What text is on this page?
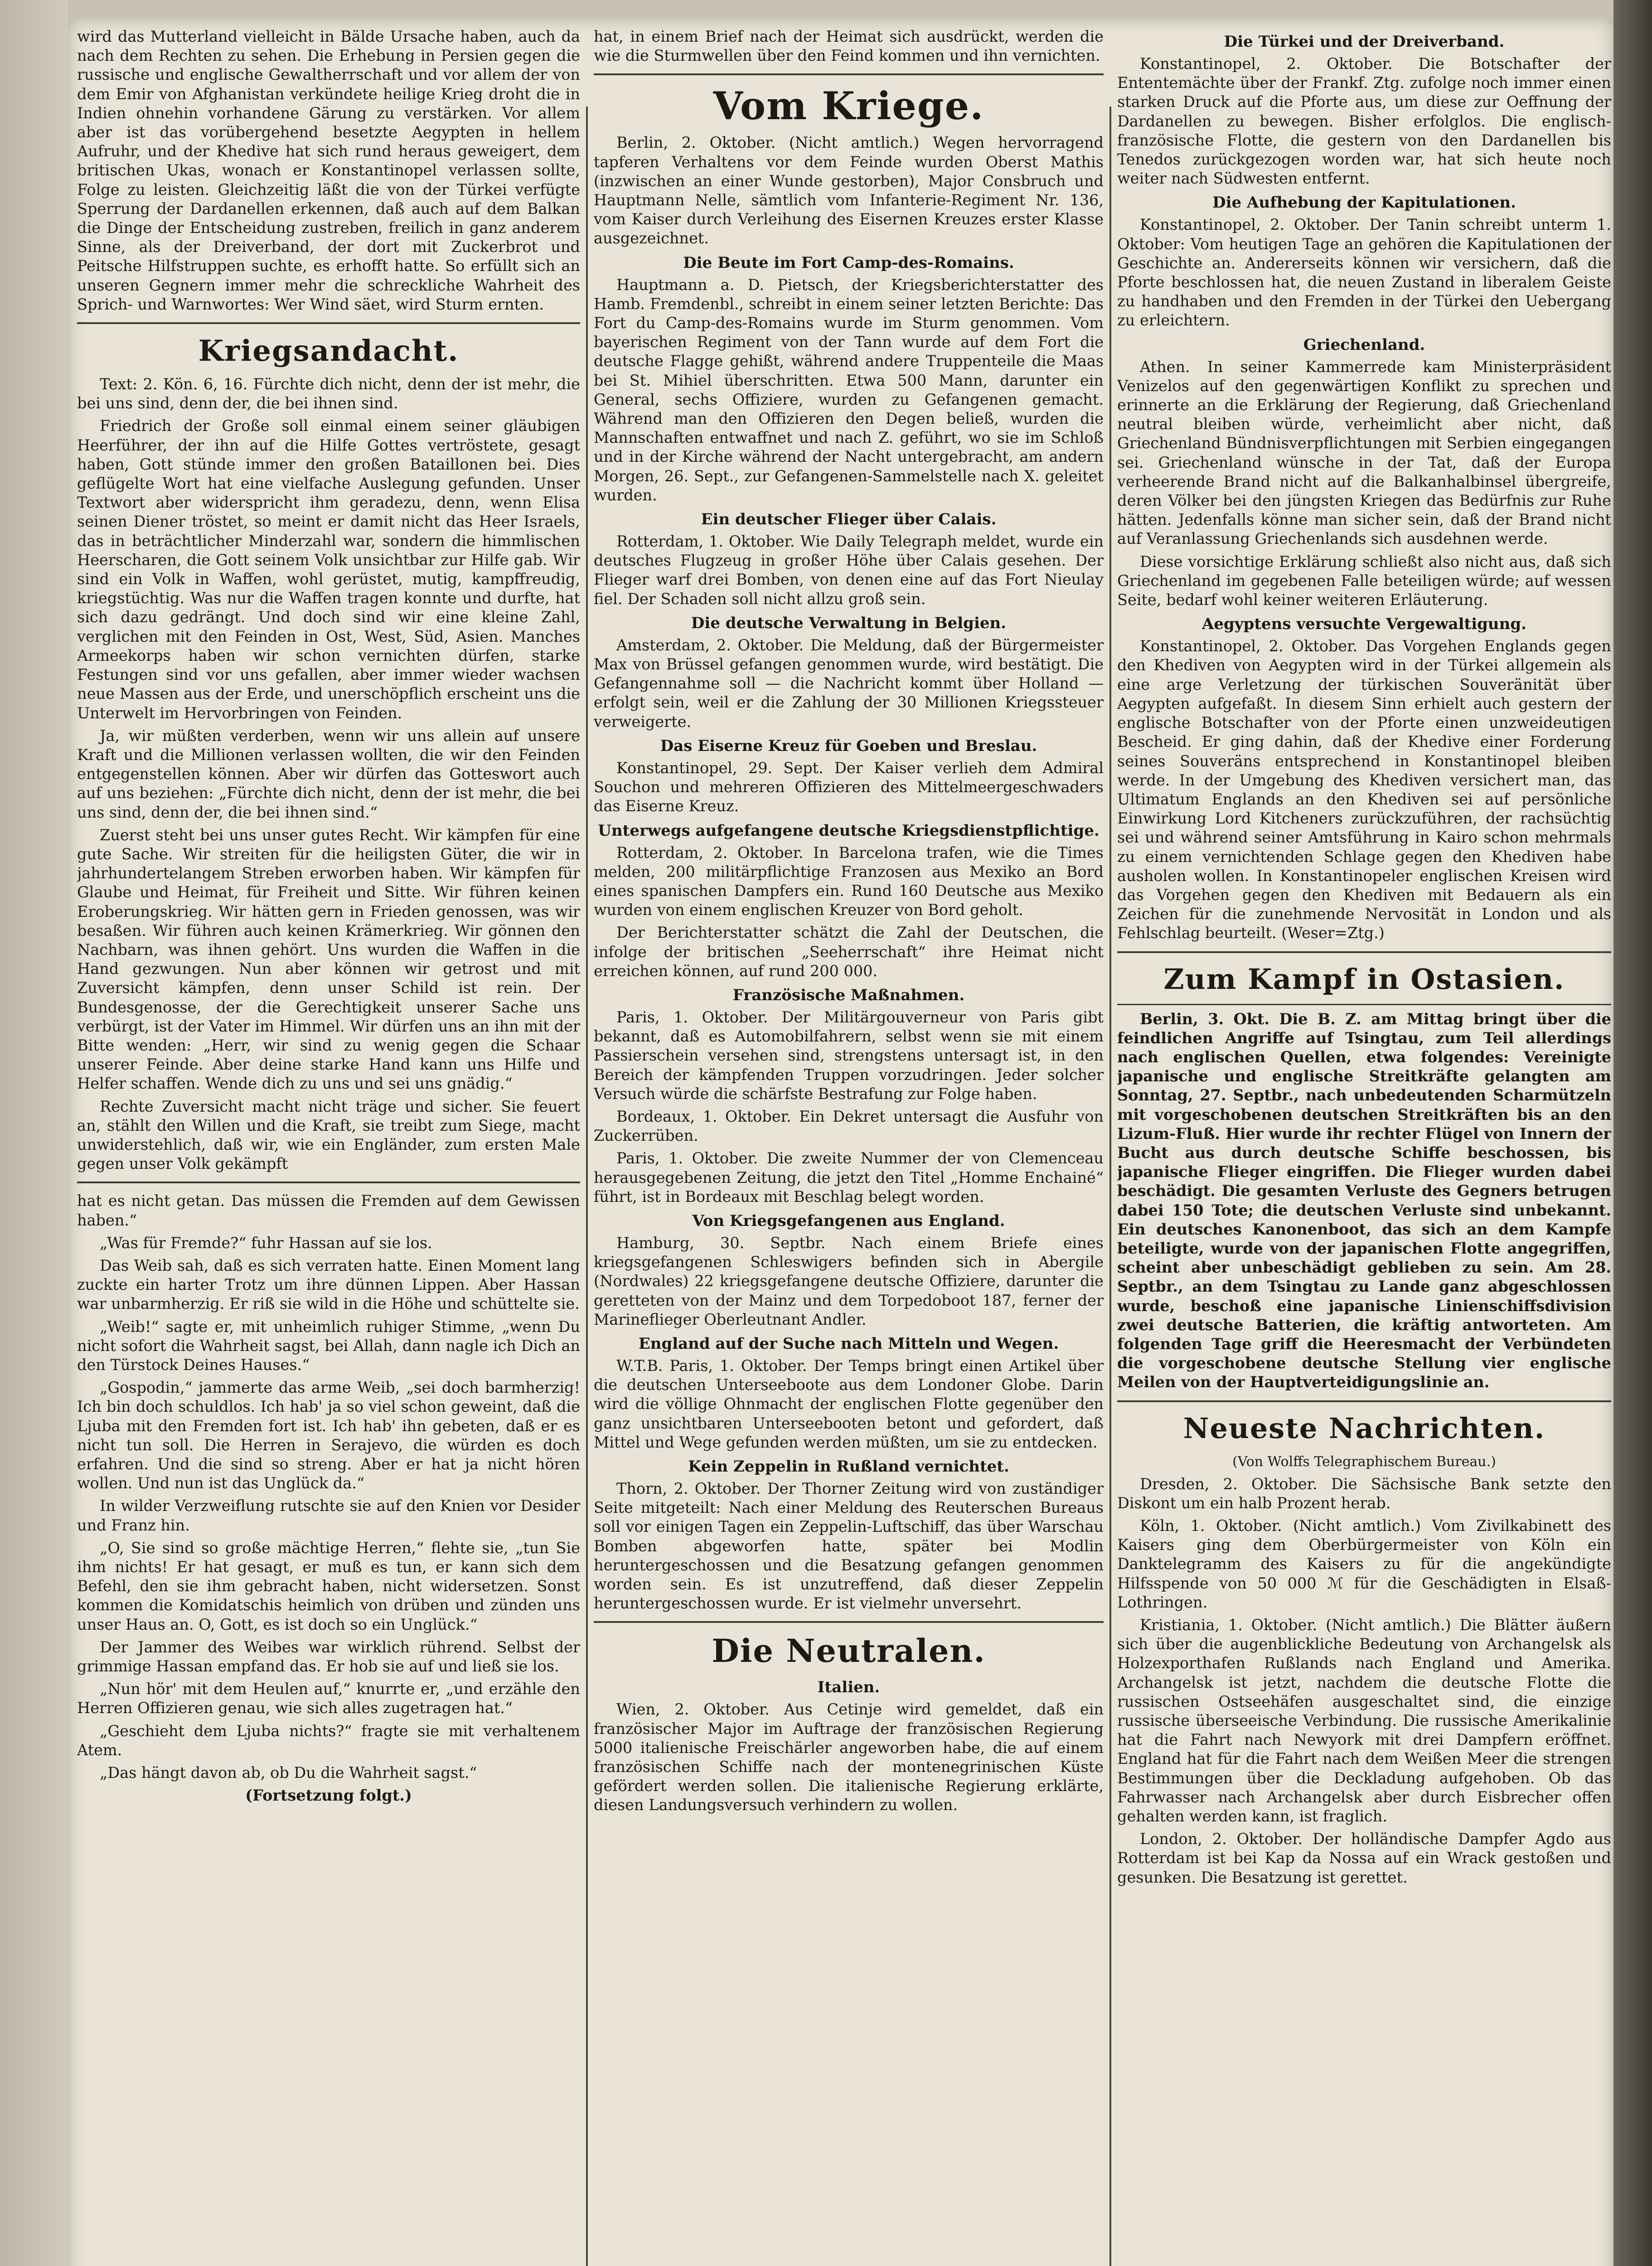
wird das Mutterland vielleicht in Bälde Ursache haben, auch da nach dem Rechten zu sehen. Die Erhebung in Persien gegen die russische und englische Gewaltherrschaft und vor allem der von dem Emir von Afghanistan verkündete heilige Krieg droht die in Indien ohnehin vorhandene Gärung zu verstärken. Vor allem aber ist das vorübergehend besetzte Aegypten in hellem Aufruhr, und der Khedive hat sich rund heraus geweigert, dem britischen Ukas, wonach er Konstantinopel verlassen sollte, Folge zu leisten. Gleichzeitig läßt die von der Türkei verfügte Sperrung der Dardanellen erkennen, daß auch auf dem Balkan die Dinge der Entscheidung zustreben, freilich in ganz anderem Sinne, als der Dreiverband, der dort mit Zuckerbrot und Peitsche Hilfstruppen suchte, es erhofft hatte. So erfüllt sich an unseren Gegnern immer mehr die schreckliche Wahrheit des Sprich- und Warnwortes: Wer Wind säet, wird Sturm ernten.

Kriegsandacht.

Text: 2. Kön. 6, 16. Fürchte dich nicht, denn der ist mehr, die bei uns sind, denn der, die bei ihnen sind.

Friedrich der Große soll einmal einem seiner gläubigen Heerführer, der ihn auf die Hilfe Gottes vertröstete, gesagt haben, Gott stünde immer den großen Bataillonen bei. Dies geflügelte Wort hat eine vielfache Auslegung gefunden. Unser Textwort aber widerspricht ihm geradezu, denn, wenn Elisa seinen Diener tröstet, so meint er damit nicht das Heer Israels, das in beträchtlicher Minderzahl war, sondern die himmlischen Heerscharen, die Gott seinem Volk unsichtbar zur Hilfe gab. Wir sind ein Volk in Waffen, wohl gerüstet, mutig, kampffreudig, kriegstüchtig. Was nur die Waffen tragen konnte und durfte, hat sich dazu gedrängt. Und doch sind wir eine kleine Zahl, verglichen mit den Feinden in Ost, West, Süd, Asien. Manches Armeekorps haben wir schon vernichten dürfen, starke Festungen sind vor uns gefallen, aber immer wieder wachsen neue Massen aus der Erde, und unerschöpflich erscheint uns die Unterwelt im Hervorbringen von Feinden.

Ja, wir müßten verderben, wenn wir uns allein auf unsere Kraft und die Millionen verlassen wollten, die wir den Feinden entgegenstellen können. Aber wir dürfen das Gotteswort auch auf uns beziehen: „Fürchte dich nicht, denn der ist mehr, die bei uns sind, denn der, die bei ihnen sind.“

Zuerst steht bei uns unser gutes Recht. Wir kämpfen für eine gute Sache. Wir streiten für die heiligsten Güter, die wir in jahrhundertelangem Streben erworben haben. Wir kämpfen für Glaube und Heimat, für Freiheit und Sitte. Wir führen keinen Eroberungskrieg. Wir hätten gern in Frieden genossen, was wir besaßen. Wir führen auch keinen Krämerkrieg. Wir gönnen den Nachbarn, was ihnen gehört. Uns wurden die Waffen in die Hand gezwungen. Nun aber können wir getrost und mit Zuversicht kämpfen, denn unser Schild ist rein. Der Bundesgenosse, der die Gerechtigkeit unserer Sache uns verbürgt, ist der Vater im Himmel. Wir dürfen uns an ihn mit der Bitte wenden: „Herr, wir sind zu wenig gegen die Schaar unserer Feinde. Aber deine starke Hand kann uns Hilfe und Helfer schaffen. Wende dich zu uns und sei uns gnädig.“

Rechte Zuversicht macht nicht träge und sicher. Sie feuert an, stählt den Willen und die Kraft, sie treibt zum Siege, macht unwiderstehlich, daß wir, wie ein Engländer, zum ersten Male gegen unser Volk gekämpft

hat es nicht getan. Das müssen die Fremden auf dem Gewissen haben.“

„Was für Fremde?“ fuhr Hassan auf sie los.

Das Weib sah, daß es sich verraten hatte. Einen Moment lang zuckte ein harter Trotz um ihre dünnen Lippen. Aber Hassan war unbarmherzig. Er riß sie wild in die Höhe und schüttelte sie.

„Weib!“ sagte er, mit unheimlich ruhiger Stimme, „wenn Du nicht sofort die Wahrheit sagst, bei Allah, dann nagle ich Dich an den Türstock Deines Hauses.“

„Gospodin,“ jammerte das arme Weib, „sei doch barmherzig! Ich bin doch schuldlos. Ich hab' ja so viel schon geweint, daß die Ljuba mit den Fremden fort ist. Ich hab' ihn gebeten, daß er es nicht tun soll. Die Herren in Serajevo, die würden es doch erfahren. Und die sind so streng. Aber er hat ja nicht hören wollen. Und nun ist das Unglück da.“

In wilder Verzweiflung rutschte sie auf den Knien vor Desider und Franz hin.

„O, Sie sind so große mächtige Herren,“ flehte sie, „tun Sie ihm nichts! Er hat gesagt, er muß es tun, er kann sich dem Befehl, den sie ihm gebracht haben, nicht widersetzen. Sonst kommen die Komidatschis heimlich von drüben und zünden uns unser Haus an. O, Gott, es ist doch so ein Unglück.“

Der Jammer des Weibes war wirklich rührend. Selbst der grimmige Hassan empfand das. Er hob sie auf und ließ sie los.

„Nun hör' mit dem Heulen auf,“ knurrte er, „und erzähle den Herren Offizieren genau, wie sich alles zugetragen hat.“

„Geschieht dem Ljuba nichts?“ fragte sie mit verhaltenem Atem.

„Das hängt davon ab, ob Du die Wahrheit sagst.“

(Fortsetzung folgt.)

hat, in einem Brief nach der Heimat sich ausdrückt, werden die wie die Sturmwellen über den Feind kommen und ihn vernichten.

Vom Kriege.

Berlin, 2. Oktober. (Nicht amtlich.) Wegen hervorragend tapferen Verhaltens vor dem Feinde wurden Oberst Mathis (inzwischen an einer Wunde gestorben), Major Consbruch und Hauptmann Nelle, sämtlich vom Infanterie-Regiment Nr. 136, vom Kaiser durch Verleihung des Eisernen Kreuzes erster Klasse ausgezeichnet.

Die Beute im Fort Camp-des-Romains.

Hauptmann a. D. Pietsch, der Kriegsberichterstatter des Hamb. Fremdenbl., schreibt in einem seiner letzten Berichte: Das Fort du Camp-des-Romains wurde im Sturm genommen. Vom bayerischen Regiment von der Tann wurde auf dem Fort die deutsche Flagge gehißt, während andere Truppenteile die Maas bei St. Mihiel überschritten. Etwa 500 Mann, darunter ein General, sechs Offiziere, wurden zu Gefangenen gemacht. Während man den Offizieren den Degen beließ, wurden die Mannschaften entwaffnet und nach Z. geführt, wo sie im Schloß und in der Kirche während der Nacht untergebracht, am andern Morgen, 26. Sept., zur Gefangenen-Sammelstelle nach X. geleitet wurden.

Ein deutscher Flieger über Calais.

Rotterdam, 1. Oktober. Wie Daily Telegraph meldet, wurde ein deutsches Flugzeug in großer Höhe über Calais gesehen. Der Flieger warf drei Bomben, von denen eine auf das Fort Nieulay fiel. Der Schaden soll nicht allzu groß sein.

Die deutsche Verwaltung in Belgien.

Amsterdam, 2. Oktober. Die Meldung, daß der Bürgermeister Max von Brüssel gefangen genommen wurde, wird bestätigt. Die Gefangennahme soll — die Nachricht kommt über Holland — erfolgt sein, weil er die Zahlung der 30 Millionen Kriegssteuer verweigerte.

Das Eiserne Kreuz für Goeben und Breslau.

Konstantinopel, 29. Sept. Der Kaiser verlieh dem Admiral Souchon und mehreren Offizieren des Mittelmeergeschwaders das Eiserne Kreuz.

Unterwegs aufgefangene deutsche Kriegsdienstpflichtige.

Rotterdam, 2. Oktober. In Barcelona trafen, wie die Times melden, 200 militärpflichtige Franzosen aus Mexiko an Bord eines spanischen Dampfers ein. Rund 160 Deutsche aus Mexiko wurden von einem englischen Kreuzer von Bord geholt.

Der Berichterstatter schätzt die Zahl der Deutschen, die infolge der britischen „Seeherrschaft“ ihre Heimat nicht erreichen können, auf rund 200 000.

Französische Maßnahmen.

Paris, 1. Oktober. Der Militärgouverneur von Paris gibt bekannt, daß es Automobilfahrern, selbst wenn sie mit einem Passierschein versehen sind, strengstens untersagt ist, in den Bereich der kämpfenden Truppen vorzudringen. Jeder solcher Versuch würde die schärfste Bestrafung zur Folge haben.

Bordeaux, 1. Oktober. Ein Dekret untersagt die Ausfuhr von Zuckerrüben.

Paris, 1. Oktober. Die zweite Nummer der von Clemenceau herausgegebenen Zeitung, die jetzt den Titel „Homme Enchainé“ führt, ist in Bordeaux mit Beschlag belegt worden.

Von Kriegsgefangenen aus England.

Hamburg, 30. Septbr. Nach einem Briefe eines kriegsgefangenen Schleswigers befinden sich in Abergile (Nordwales) 22 kriegsgefangene deutsche Offiziere, darunter die geretteten von der Mainz und dem Torpedoboot 187, ferner der Marineflieger Oberleutnant Andler.

England auf der Suche nach Mitteln und Wegen.

W.T.B. Paris, 1. Oktober. Der Temps bringt einen Artikel über die deutschen Unterseeboote aus dem Londoner Globe. Darin wird die völlige Ohnmacht der englischen Flotte gegenüber den ganz unsichtbaren Unterseebooten betont und gefordert, daß Mittel und Wege gefunden werden müßten, um sie zu entdecken.

Kein Zeppelin in Rußland vernichtet.

Thorn, 2. Oktober. Der Thorner Zeitung wird von zuständiger Seite mitgeteilt: Nach einer Meldung des Reuterschen Bureaus soll vor einigen Tagen ein Zeppelin-Luftschiff, das über Warschau Bomben abgeworfen hatte, später bei Modlin heruntergeschossen und die Besatzung gefangen genommen worden sein. Es ist unzutreffend, daß dieser Zeppelin heruntergeschossen wurde. Er ist vielmehr unversehrt.

Die Neutralen.
Italien.

Wien, 2. Oktober. Aus Cetinje wird gemeldet, daß ein französischer Major im Auftrage der französischen Regierung 5000 italienische Freischärler angeworben habe, die auf einem französischen Schiffe nach der montenegrinischen Küste gefördert werden sollen. Die italienische Regierung erklärte, diesen Landungsversuch verhindern zu wollen.

Die Türkei und der Dreiverband.

Konstantinopel, 2. Oktober. Die Botschafter der Ententemächte über der Frankf. Ztg. zufolge noch immer einen starken Druck auf die Pforte aus, um diese zur Oeffnung der Dardanellen zu bewegen. Bisher erfolglos. Die englisch-französische Flotte, die gestern von den Dardanellen bis Tenedos zurückgezogen worden war, hat sich heute noch weiter nach Südwesten entfernt.

Die Aufhebung der Kapitulationen.

Konstantinopel, 2. Oktober. Der Tanin schreibt unterm 1. Oktober: Vom heutigen Tage an gehören die Kapitulationen der Geschichte an. Andererseits können wir versichern, daß die Pforte beschlossen hat, die neuen Zustand in liberalem Geiste zu handhaben und den Fremden in der Türkei den Uebergang zu erleichtern.

Griechenland.

Athen. In seiner Kammerrede kam Ministerpräsident Venizelos auf den gegenwärtigen Konflikt zu sprechen und erinnerte an die Erklärung der Regierung, daß Griechenland neutral bleiben würde, verheimlicht aber nicht, daß Griechenland Bündnisverpflichtungen mit Serbien eingegangen sei. Griechenland wünsche in der Tat, daß der Europa verheerende Brand nicht auf die Balkanhalbinsel übergreife, deren Völker bei den jüngsten Kriegen das Bedürfnis zur Ruhe hätten. Jedenfalls könne man sicher sein, daß der Brand nicht auf Veranlassung Griechenlands sich ausdehnen werde.

Diese vorsichtige Erklärung schließt also nicht aus, daß sich Griechenland im gegebenen Falle beteiligen würde; auf wessen Seite, bedarf wohl keiner weiteren Erläuterung.

Aegyptens versuchte Vergewaltigung.

Konstantinopel, 2. Oktober. Das Vorgehen Englands gegen den Khediven von Aegypten wird in der Türkei allgemein als eine arge Verletzung der türkischen Souveränität über Aegypten aufgefaßt. In diesem Sinn erhielt auch gestern der englische Botschafter von der Pforte einen unzweideutigen Bescheid. Er ging dahin, daß der Khedive einer Forderung seines Souveräns entsprechend in Konstantinopel bleiben werde. In der Umgebung des Khediven versichert man, das Ultimatum Englands an den Khediven sei auf persönliche Einwirkung Lord Kitcheners zurückzuführen, der rachsüchtig sei und während seiner Amtsführung in Kairo schon mehrmals zu einem vernichtenden Schlage gegen den Khediven habe ausholen wollen. In Konstantinopeler englischen Kreisen wird das Vorgehen gegen den Khediven mit Bedauern als ein Zeichen für die zunehmende Nervosität in London und als Fehlschlag beurteilt. (Weser=Ztg.)

Zum Kampf in Ostasien.

Berlin, 3. Okt. Die B. Z. am Mittag bringt über die feindlichen Angriffe auf Tsingtau, zum Teil allerdings nach englischen Quellen, etwa folgendes: Vereinigte japanische und englische Streitkräfte gelangten am Sonntag, 27. Septbr., nach unbedeutenden Scharmützeln mit vorgeschobenen deutschen Streitkräften bis an den Lizum-Fluß. Hier wurde ihr rechter Flügel von Innern der Bucht aus durch deutsche Schiffe beschossen, bis japanische Flieger eingriffen. Die Flieger wurden dabei beschädigt. Die gesamten Verluste des Gegners betrugen dabei 150 Tote; die deutschen Verluste sind unbekannt. Ein deutsches Kanonenboot, das sich an dem Kampfe beteiligte, wurde von der japanischen Flotte angegriffen, scheint aber unbeschädigt geblieben zu sein. Am 28. Septbr., an dem Tsingtau zu Lande ganz abgeschlossen wurde, beschoß eine japanische Linienschiffsdivision zwei deutsche Batterien, die kräftig antworteten. Am folgenden Tage griff die Heeresmacht der Verbündeten die vorgeschobene deutsche Stellung vier englische Meilen von der Hauptverteidigungslinie an.

Neueste Nachrichten.
(Von Wolffs Telegraphischem Bureau.)

Dresden, 2. Oktober. Die Sächsische Bank setzte den Diskont um ein halb Prozent herab.

Köln, 1. Oktober. (Nicht amtlich.) Vom Zivilkabinett des Kaisers ging dem Oberbürgermeister von Köln ein Danktelegramm des Kaisers zu für die angekündigte Hilfsspende von 50 000 ℳ für die Geschädigten in Elsaß-Lothringen.

Kristiania, 1. Oktober. (Nicht amtlich.) Die Blätter äußern sich über die augenblickliche Bedeutung von Archangelsk als Holzexporthafen Rußlands nach England und Amerika. Archangelsk ist jetzt, nachdem die deutsche Flotte die russischen Ostseehäfen ausgeschaltet sind, die einzige russische überseeische Verbindung. Die russische Amerikalinie hat die Fahrt nach Newyork mit drei Dampfern eröffnet. England hat für die Fahrt nach dem Weißen Meer die strengen Bestimmungen über die Deckladung aufgehoben. Ob das Fahrwasser nach Archangelsk aber durch Eisbrecher offen gehalten werden kann, ist fraglich.

London, 2. Oktober. Der holländische Dampfer Agdo aus Rotterdam ist bei Kap da Nossa auf ein Wrack gestoßen und gesunken. Die Besatzung ist gerettet.
